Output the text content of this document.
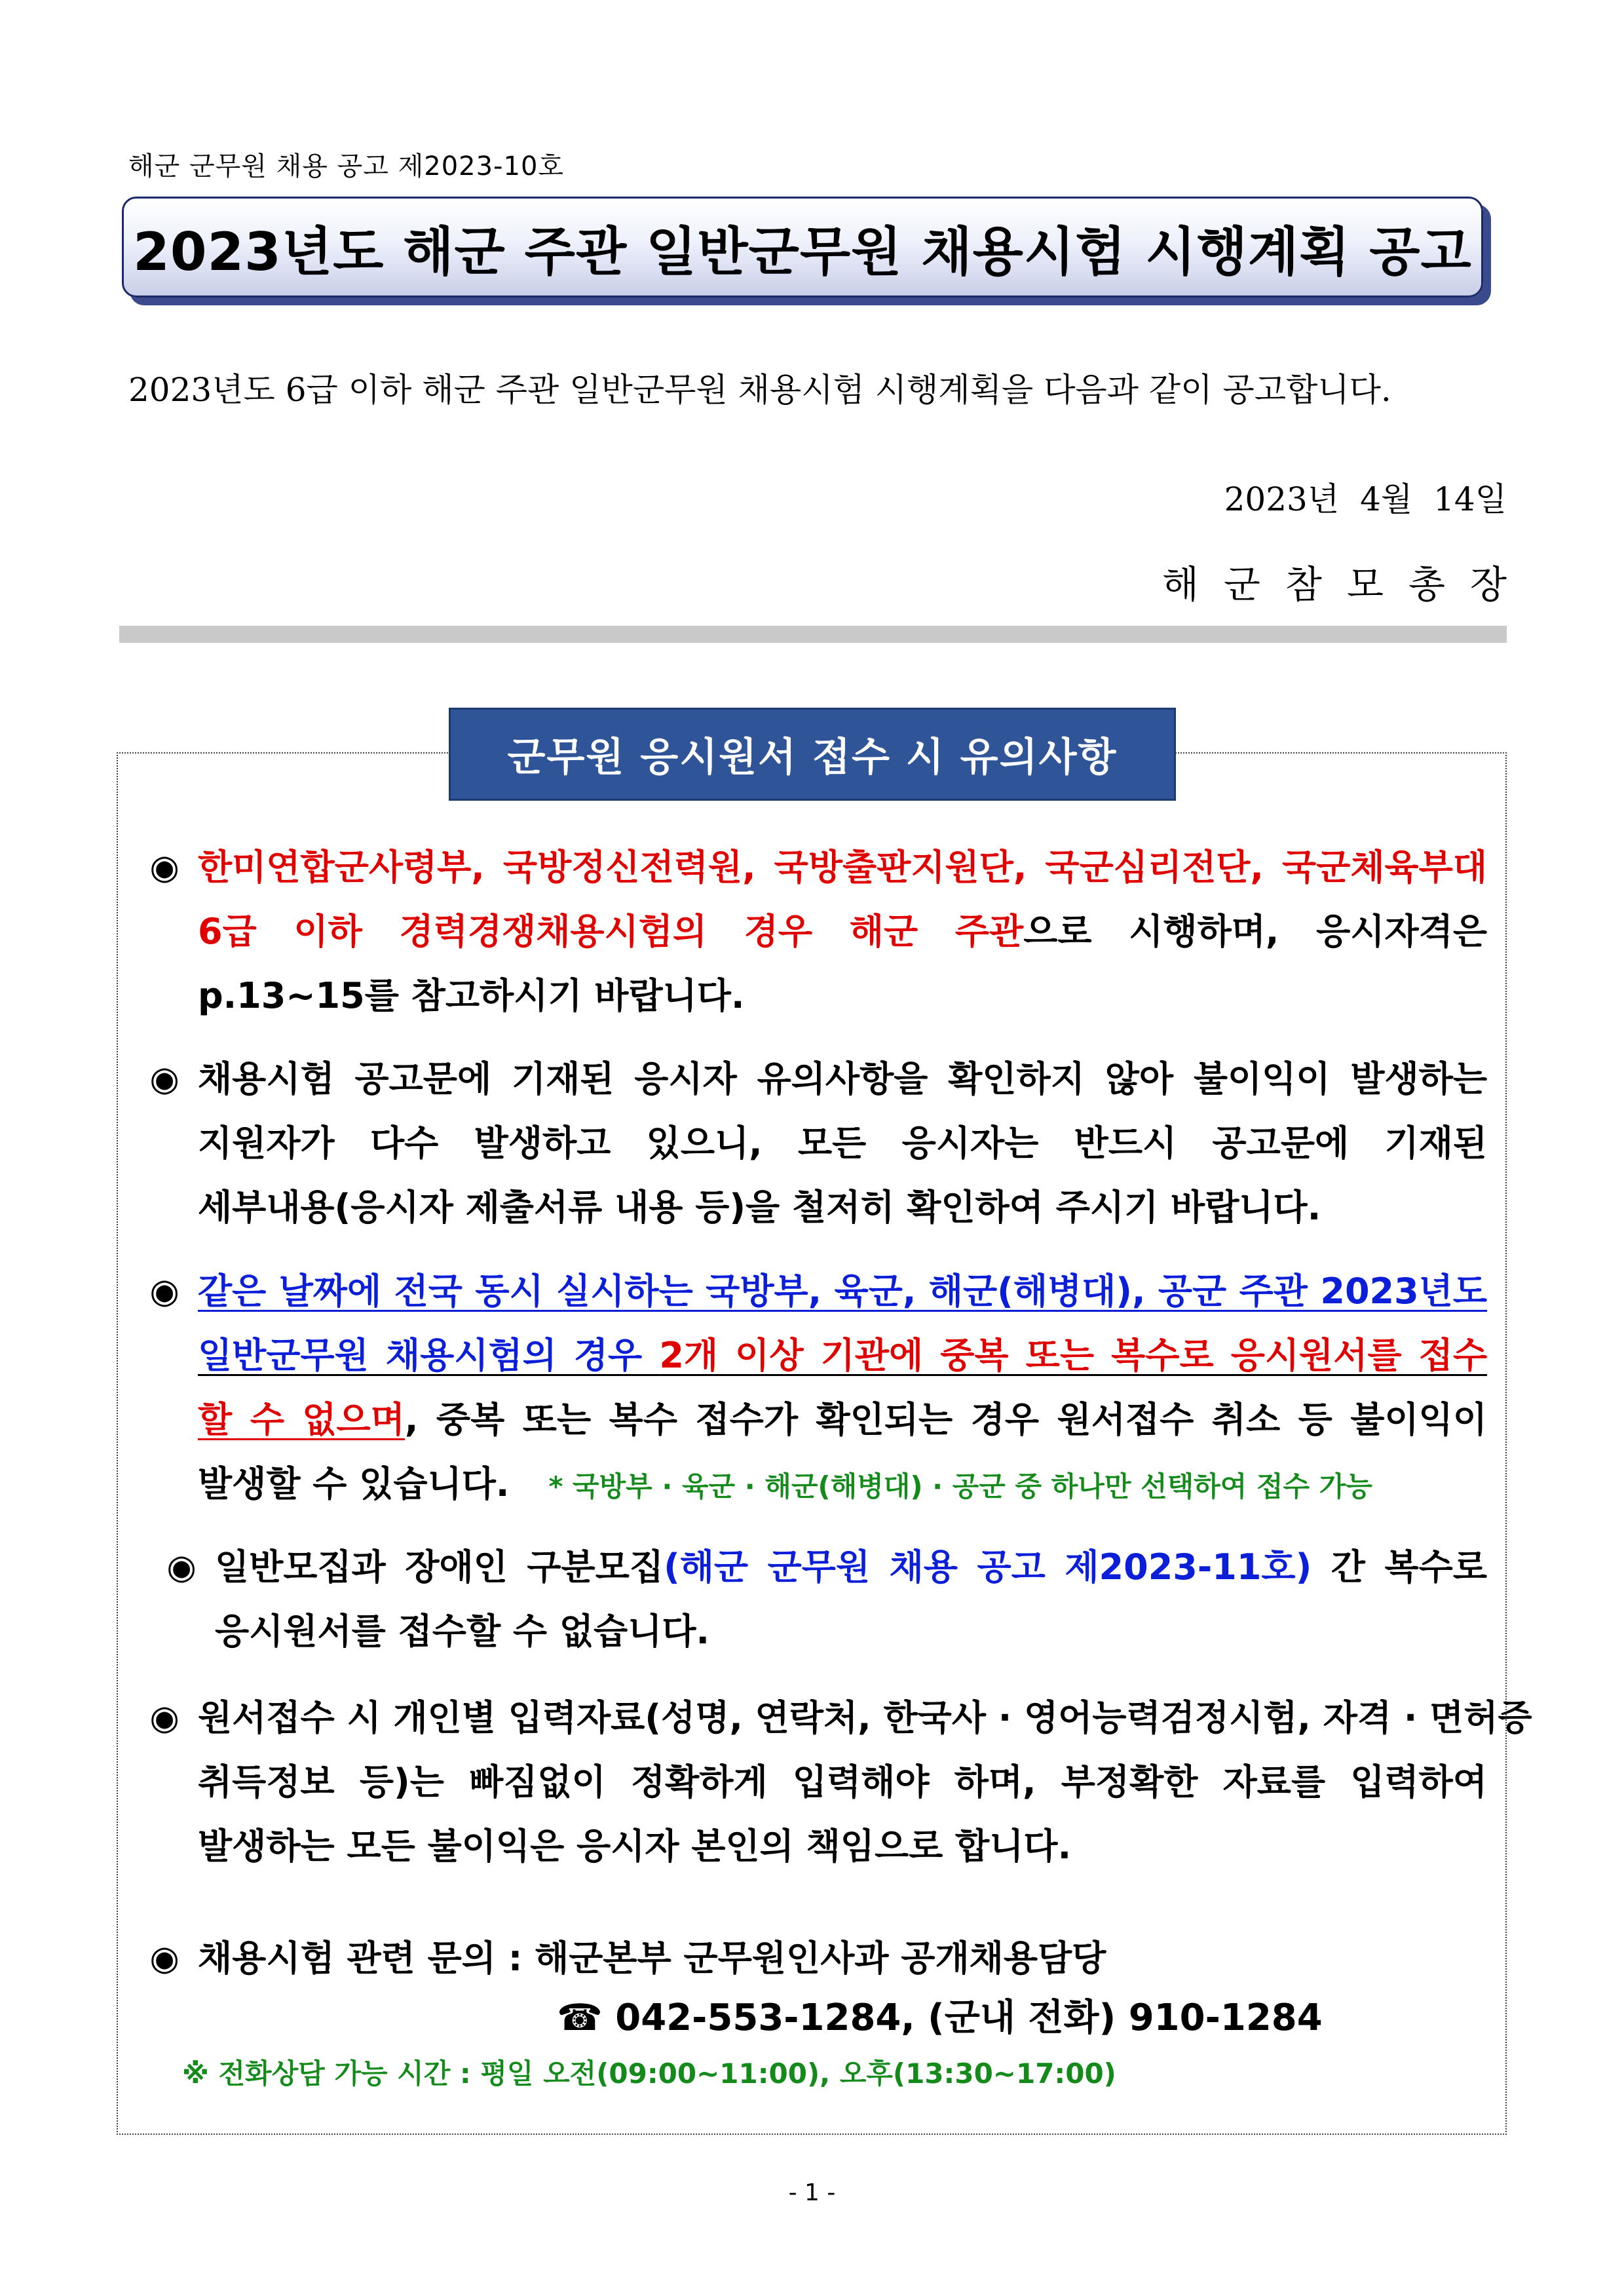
해군 군무원 채용 공고 제2023-10호
2023년도 해군 주관 일반군무원 채용시험 시행계획 공고
2023년도 6급 이하 해군 주관 일반군무원 채용시험 시행계획을 다음과 같이 공고합니다.
2023년 4월 14일
해군참모총장
군무원 응시원서 접수 시 유의사항
◉ 한미연합군사령부, 국방정신전력원, 국방출판지원단, 국군심리전단, 국군체육부대
6급 이하 경력경쟁채용시험의 경우 해군 주관으로 시행하며, 응시자격은
p.13~15를 참고하시기 바랍니다.
◉ 채용시험 공고문에 기재된 응시자 유의사항을 확인하지 않아 불이익이 발생하는
지원자가 다수 발생하고 있으니, 모든 응시자는 반드시 공고문에 기재된
세부내용(응시자 제출서류 내용 등)을 철저히 확인하여 주시기 바랍니다.
◉ 같은 날짜에 전국 동시 실시하는 국방부, 육군, 해군(해병대), 공군 주관 2023년도
일반군무원 채용시험의 경우 2개 이상 기관에 중복 또는 복수로 응시원서를 접수
할 수 없으며, 중복 또는 복수 접수가 확인되는 경우 원서접수 취소 등 불이익이
발생할 수 있습니다. * 국방부 · 육군 · 해군(해병대) · 공군 중 하나만 선택하여 접수 가능
◉ 일반모집과 장애인 구분모집(해군 군무원 채용 공고 제2023-11호) 간 복수로
응시원서를 접수할 수 없습니다.
◉ 원서접수 시 개인별 입력자료(성명, 연락처, 한국사 · 영어능력검정시험, 자격 · 면허증
취득정보 등)는 빠짐없이 정확하게 입력해야 하며, 부정확한 자료를 입력하여
발생하는 모든 불이익은 응시자 본인의 책임으로 합니다.
◉ 채용시험 관련 문의 : 해군본부 군무원인사과 공개채용담당
☎ 042-553-1284, (군내 전화) 910-1284
※ 전화상담 가능 시간 : 평일 오전(09:00~11:00), 오후(13:30~17:00)
- 1 -
